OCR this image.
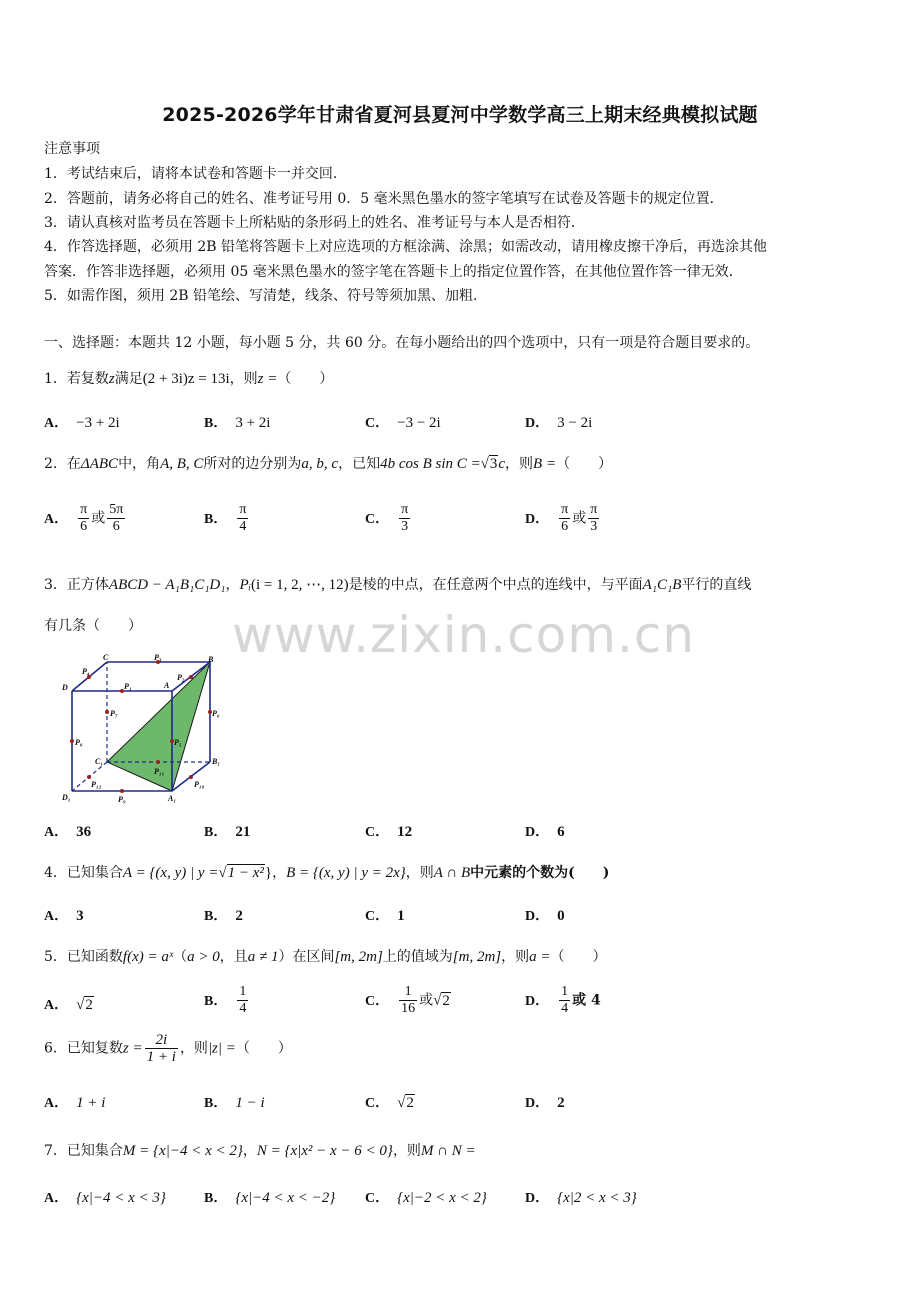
2025-2026学年甘肃省夏河县夏河中学数学高三上期末经典模拟试题
注意事项
1．考试结束后，请将本试卷和答题卡一并交回．
2．答题前，请务必将自己的姓名、准考证号用 0．5 毫米黑色墨水的签字笔填写在试卷及答题卡的规定位置．
3．请认真核对监考员在答题卡上所粘贴的条形码上的姓名、准考证号与本人是否相符．
4．作答选择题，必须用 2B 铅笔将答题卡上对应选项的方框涂满、涂黑；如需改动，请用橡皮擦干净后，再选涂其他
答案．作答非选择题，必须用 05 毫米黑色墨水的签字笔在答题卡上的指定位置作答，在其他位置作答一律无效．
5．如需作图，须用 2B 铅笔绘、写清楚，线条、符号等须加黑、加粗．
一、选择题：本题共 12 小题，每小题 5 分，共 60 分。在每小题给出的四个选项中，只有一项是符合题目要求的。
1．若复数z满足(2 + 3i)z = 13i，则z =（　　）
A． −3 + 2i	B． 3 + 2i	C． −3 − 2i	D． 3 − 2i
2．在ΔABC中，角A, B, C所对的边分别为a, b, c，已知4b cos B sin C =√3c，则B =（　　）
A． $\frac{\pi}{6}$ 或 $\frac{5\pi}{6}$	B． $\frac{\pi}{4}$	C． $\frac{\pi}{3}$	D． $\frac{\pi}{6}$ 或 $\frac{\pi}{3}$
3．正方体ABCD − A₁B₁C₁D₁，Pᵢ(i = 1, 2, ⋯, 12)是棱的中点，在任意两个中点的连线中，与平面A₁C₁B平行的直线
有几条（　　）
C	B
D	A
C₁	B₁
D₁	A₁
P₃
P₁
P₄
P₂
P₆
P₇
P₈	P₅
P₉
P₁₀
P₁₁
P₁₂
www.zixin.com.cn
A． 36	B． 21	C． 12	D． 6
4．已知集合A = {(x, y) | y =√1 − x²}，B = {(x, y) | y = 2x}，则A ∩ B中元素的个数为(　　)
A． 3	B． 2	C． 1	D． 0
5．已知函数f(x) = aˣ（a > 0，且a ≠ 1）在区间[m, 2m]上的值域为[m, 2m]，则a =（　　）
A． √2	B． $\frac{1}{4}$	C． $\frac{1}{16}$ 或√2	D． $\frac{1}{4}$ 或 4
6．已知复数$z = \frac{2i}{1 + i}$ ，则|z| =（　　）
A． 1 + i	B． 1 − i	C． √2	D． 2
7．已知集合M = {x|−4 < x < 2}，N = {x|x² − x − 6 < 0}，则M ∩ N =
A． {x|−4 < x < 3}	B． {x|−4 < x < −2} C． {x|−2 < x < 2}	D． {x|2 < x < 3}
